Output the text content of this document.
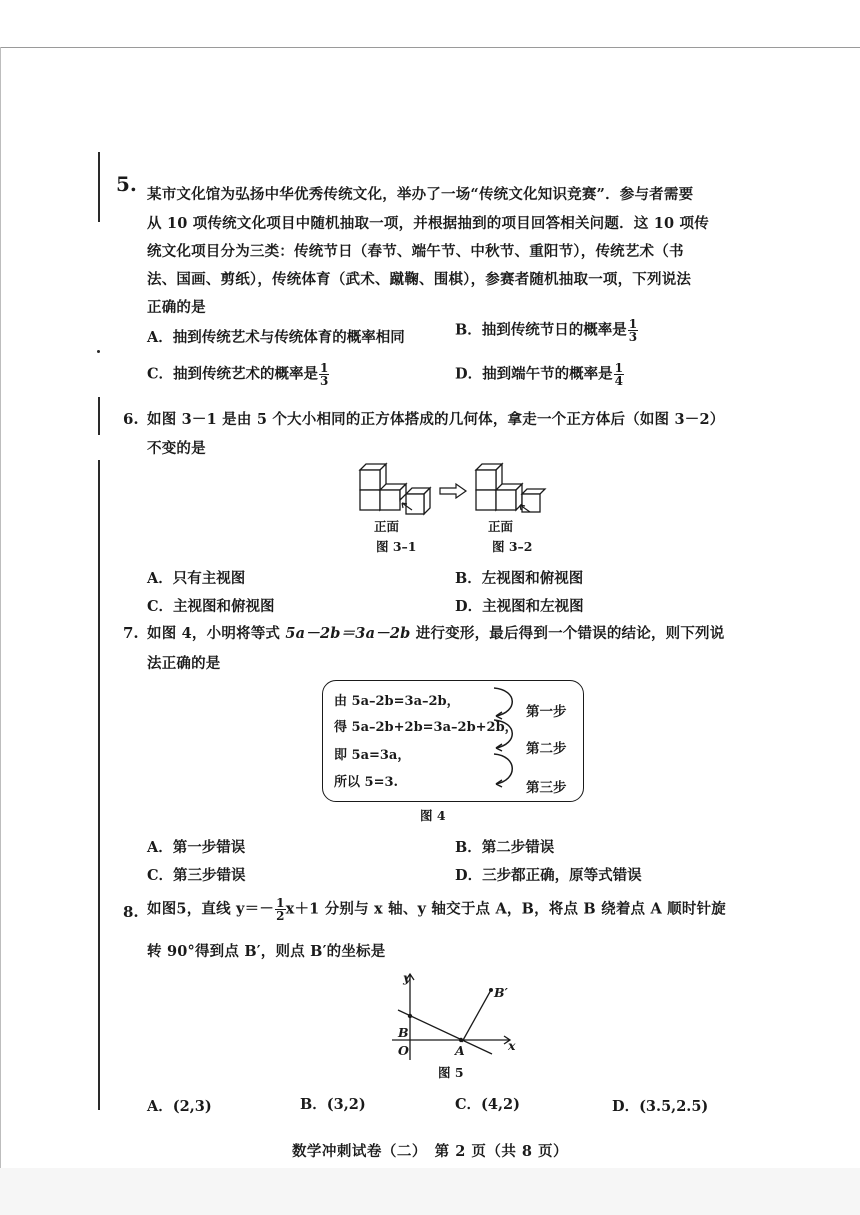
5. 某市文化馆为弘扬中华优秀传统文化，举办了一场“传统文化知识竞赛”．参与者需要
从 10 项传统文化项目中随机抽取一项，并根据抽到的项目回答相关问题．这 10 项传
统文化项目分为三类：传统节日（春节、端午节、中秋节、重阳节），传统艺术（书
法、国画、剪纸），传统体育（武术、蹴鞠、围棋），参赛者随机抽取一项，下列说法
正确的是
A．抽到传统艺术与传统体育的概率相同	B．抽到传统节日的概率是 $\frac{1}{3}$
C．抽到传统艺术的概率是 $\frac{1}{3}$	D．抽到端午节的概率是 $\frac{1}{4}$
6. 如图 3－1 是由 5 个大小相同的正方体搭成的几何体，拿走一个正方体后（如图 3－2）
不变的是
正面	正面
图 3–1	图 3–2
A．只有主视图	B．左视图和俯视图
C．主视图和俯视图	D．主视图和左视图
7. 如图 4，小明将等式 5a－2b＝3a－2b 进行变形，最后得到一个错误的结论，则下列说
法正确的是
由 5a–2b=3a–2b，
得 5a–2b+2b=3a–2b+2b，
即 5a=3a，
所以 5=3.
第一步
第二步
第三步
图 4
A．第一步错误	B．第二步错误
C．第三步错误	D．三步都正确，原等式错误
8. 如图5，直线 $y=- \frac{1}{2} x+1$ 分别与 x 轴、y 轴交于点 A，B，将点 B 绕着点 A 顺时针旋
转 90°得到点 B′，则点 B′的坐标是
y
x
O	A
B
B′
图 5
A．(2,3)	B．(3,2)	C．(4,2)	D．(3.5,2.5)
数学冲刺试卷（二）　第 2 页（共 8 页）
